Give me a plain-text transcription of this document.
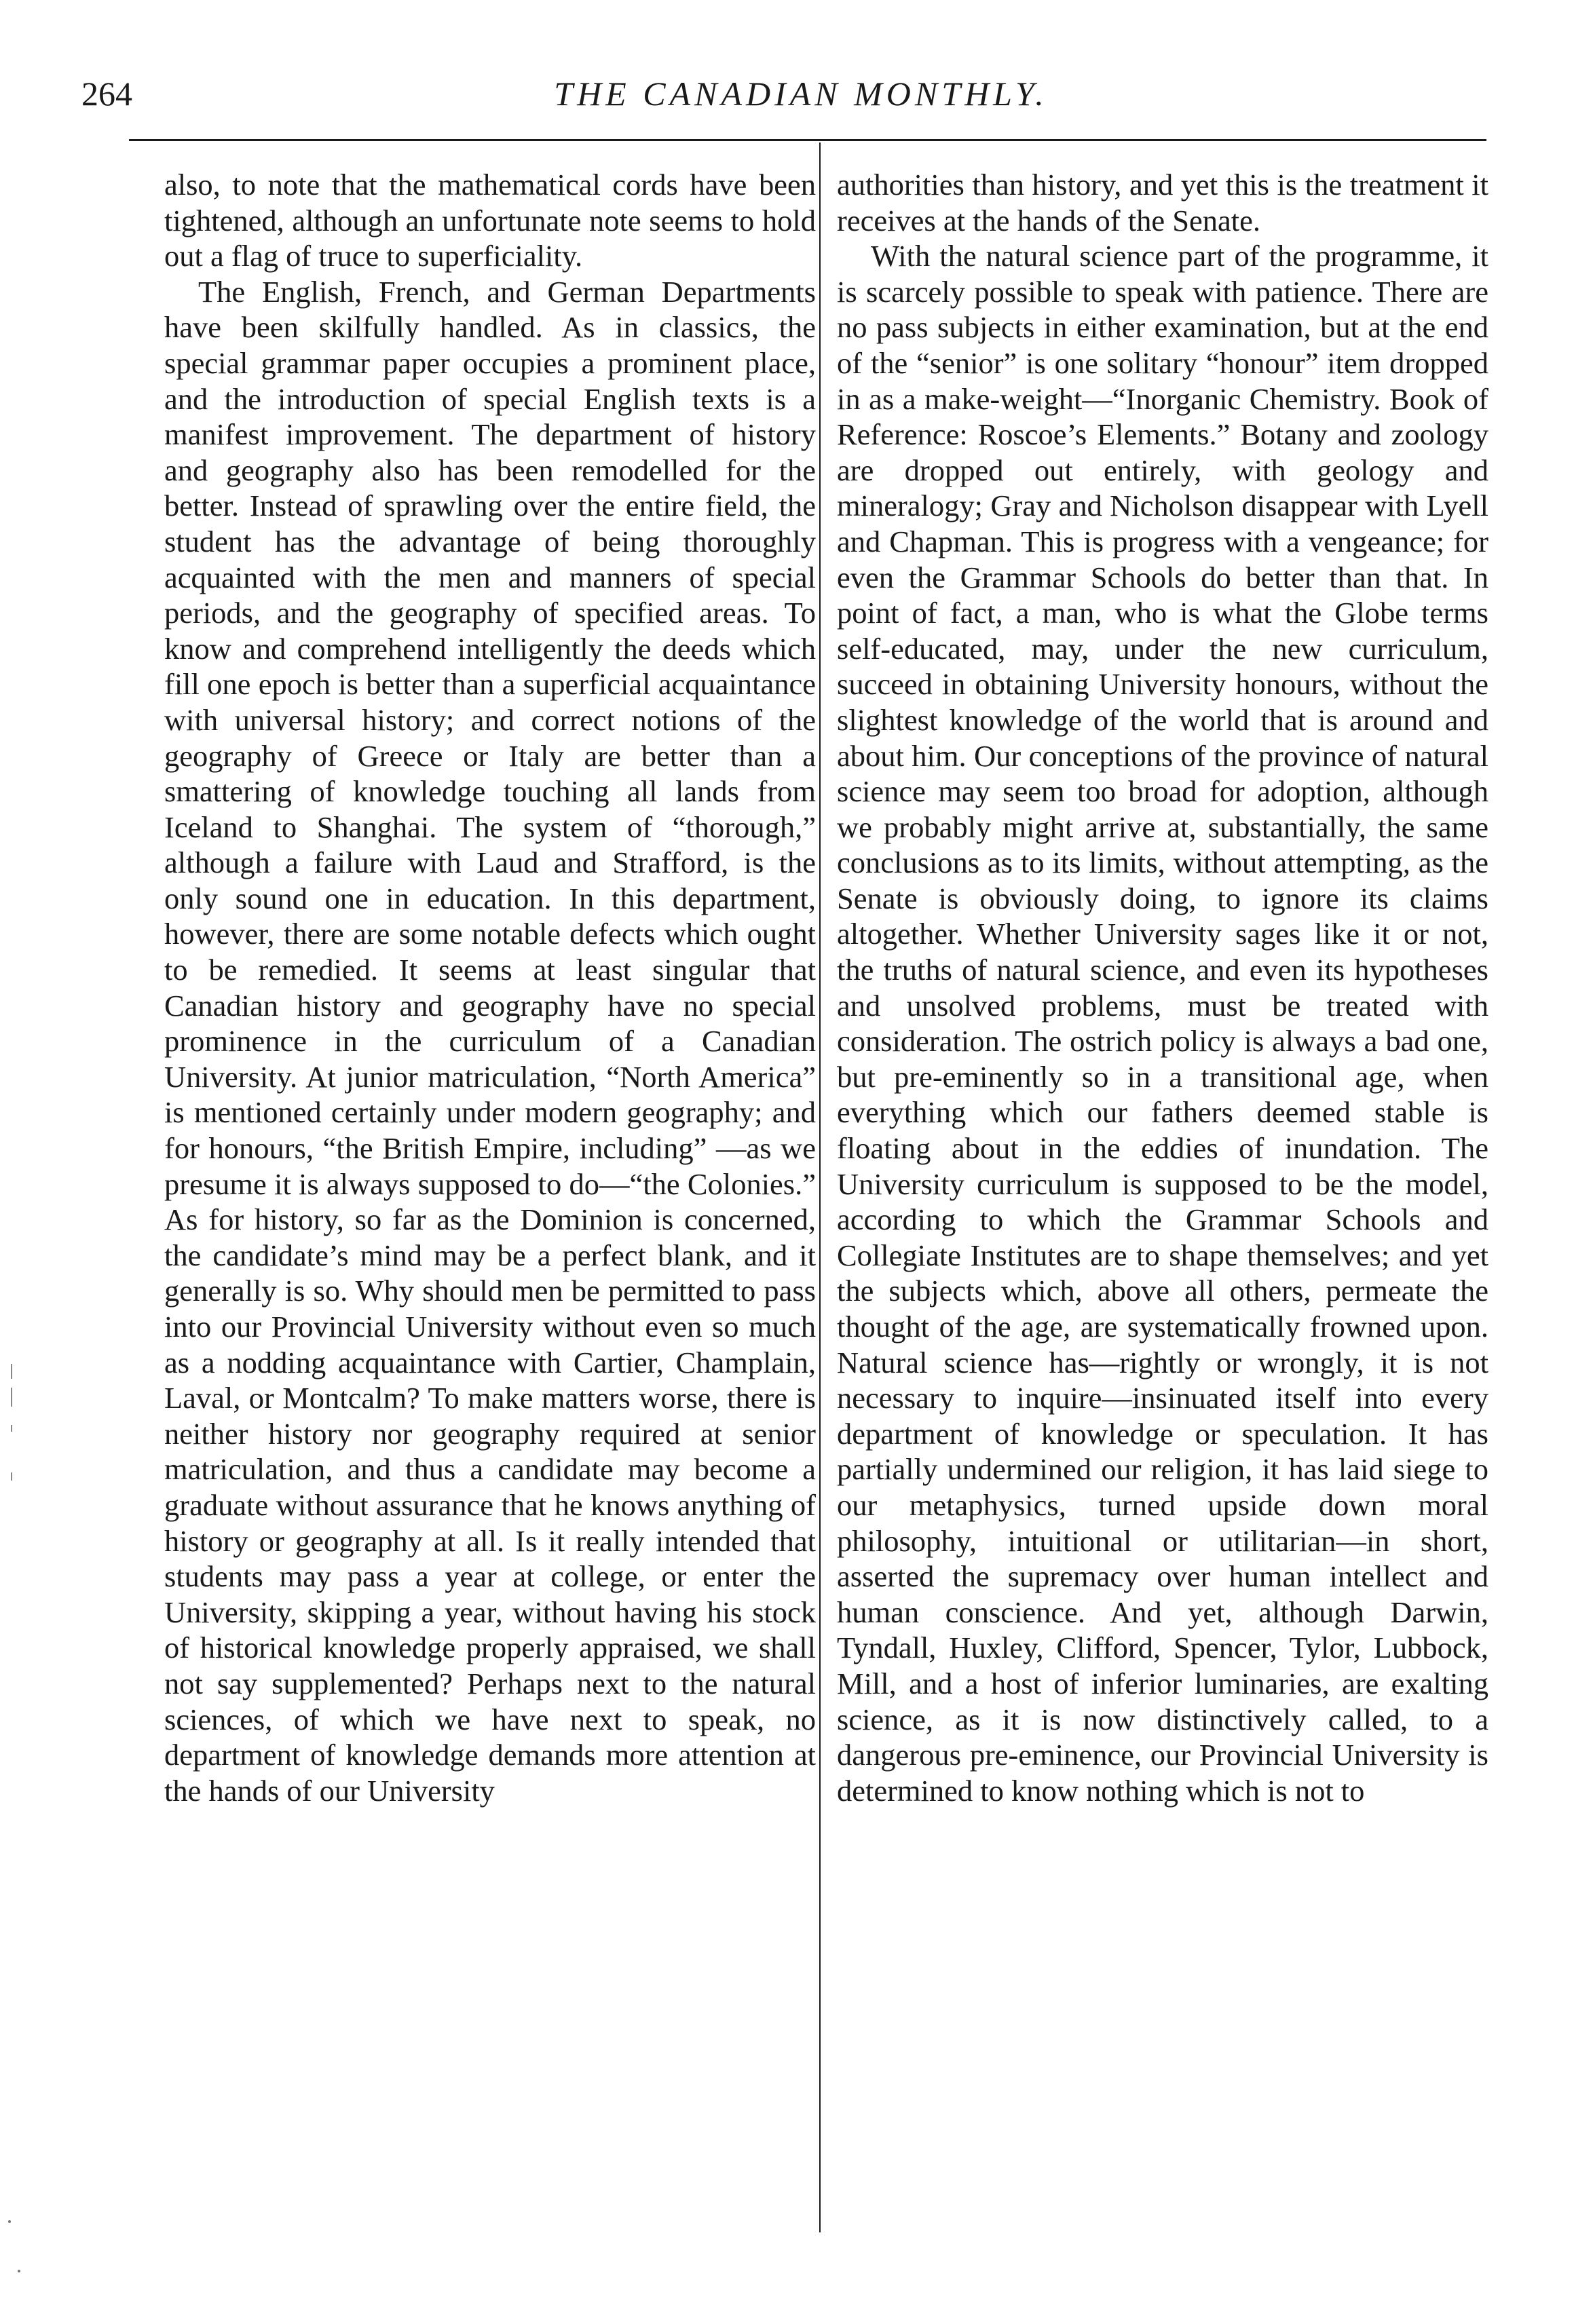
264	THE CANADIAN MONTHLY.

also, to note that the mathematical cords have been tightened, although an unfortunate note seems to hold out a flag of truce to superficiality.

The English, French, and German Departments have been skilfully handled. As in classics, the special grammar paper occupies a prominent place, and the introduction of special English texts is a manifest improvement. The department of history and geography also has been remodelled for the better. Instead of sprawling over the entire field, the student has the advantage of being thoroughly acquainted with the men and manners of special periods, and the geography of specified areas. To know and comprehend intelligently the deeds which fill one epoch is better than a superficial acquaintance with universal history; and correct notions of the geography of Greece or Italy are better than a smattering of knowledge touching all lands from Iceland to Shanghai. The system of “thorough,” although a failure with Laud and Strafford, is the only sound one in education. In this department, however, there are some notable defects which ought to be remedied. It seems at least singular that Canadian history and geography have no special prominence in the curriculum of a Canadian University. At junior matriculation, “North America” is mentioned certainly under modern geography; and for honours, “the British Empire, including” —as we presume it is always supposed to do—“the Colonies.” As for history, so far as the Dominion is concerned, the candidate’s mind may be a perfect blank, and it generally is so. Why should men be permitted to pass into our Provincial University without even so much as a nodding acquaintance with Cartier, Champlain, Laval, or Montcalm? To make matters worse, there is neither history nor geography required at senior matriculation, and thus a candidate may become a graduate without assurance that he knows anything of history or geography at all. Is it really intended that students may pass a year at college, or enter the University, skipping a year, without having his stock of historical knowledge properly appraised, we shall not say supplemented? Perhaps next to the natural sciences, of which we have next to speak, no department of knowledge demands more attention at the hands of our University

authorities than history, and yet this is the treatment it receives at the hands of the Senate.

With the natural science part of the programme, it is scarcely possible to speak with patience. There are no pass subjects in either examination, but at the end of the “senior” is one solitary “honour” item dropped in as a make-weight—“Inorganic Chemistry. Book of Reference: Roscoe’s Elements.” Botany and zoology are dropped out entirely, with geology and mineralogy; Gray and Nicholson disappear with Lyell and Chapman. This is progress with a vengeance; for even the Grammar Schools do better than that. In point of fact, a man, who is what the Globe terms self-educated, may, under the new curriculum, succeed in obtaining University honours, without the slightest knowledge of the world that is around and about him. Our conceptions of the province of natural science may seem too broad for adoption, although we probably might arrive at, substantially, the same conclusions as to its limits, without attempting, as the Senate is obviously doing, to ignore its claims altogether. Whether University sages like it or not, the truths of natural science, and even its hypotheses and unsolved problems, must be treated with consideration. The ostrich policy is always a bad one, but pre-eminently so in a transitional age, when everything which our fathers deemed stable is floating about in the eddies of inundation. The University curriculum is supposed to be the model, according to which the Grammar Schools and Collegiate Institutes are to shape themselves; and yet the subjects which, above all others, permeate the thought of the age, are systematically frowned upon. Natural science has—rightly or wrongly, it is not necessary to inquire—insinuated itself into every department of knowledge or speculation. It has partially undermined our religion, it has laid siege to our metaphysics, turned upside down moral philosophy, intuitional or utilitarian—in short, asserted the supremacy over human intellect and human conscience. And yet, although Darwin, Tyndall, Huxley, Clifford, Spencer, Tylor, Lubbock, Mill, and a host of inferior luminaries, are exalting science, as it is now distinctively called, to a dangerous pre-eminence, our Provincial University is determined to know nothing which is not to
